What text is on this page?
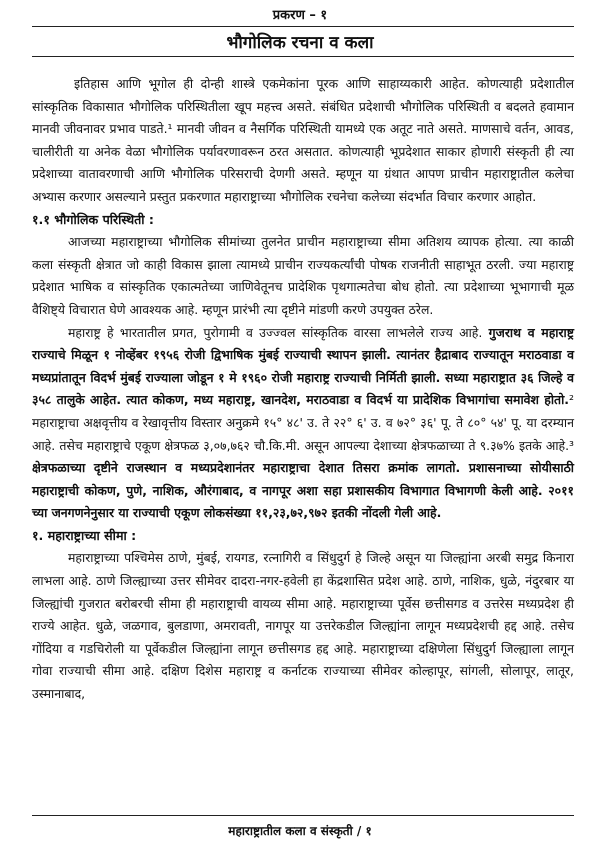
प्रकरण – १
भौगोलिक रचना व कला

इतिहास आणि भूगोल ही दोन्ही शास्त्रे एकमेकांना पूरक आणि साहाय्यकारी आहेत. कोणत्याही प्रदेशातील सांस्कृतिक विकासात भौगोलिक परिस्थितीला खूप महत्त्व असते. संबंधित प्रदेशाची भौगोलिक परिस्थिती व बदलते हवामान मानवी जीवनावर प्रभाव पाडते.¹ मानवी जीवन व नैसर्गिक परिस्थिती यामध्ये एक अतूट नाते असते. माणसाचे वर्तन, आवड, चालीरीती या अनेक वेळा भौगोलिक पर्यावरणावरून ठरत असतात. कोणत्याही भूप्रदेशात साकार होणारी संस्कृती ही त्या प्रदेशाच्या वातावरणाची आणि भौगोलिक परिसराची देणगी असते. म्हणून या ग्रंथात आपण प्राचीन महाराष्ट्रातील कलेचा अभ्यास करणार असल्याने प्रस्तुत प्रकरणात महाराष्ट्राच्या भौगोलिक रचनेचा कलेच्या संदर्भात विचार करणार आहोत.

१.१ भौगोलिक परिस्थिती :

आजच्या महाराष्ट्राच्या भौगोलिक सीमांच्या तुलनेत प्राचीन महाराष्ट्राच्या सीमा अतिशय व्यापक होत्या. त्या काळी कला संस्कृती क्षेत्रात जो काही विकास झाला त्यामध्ये प्राचीन राज्यकर्त्यांची पोषक राजनीती साहाभूत ठरली. ज्या महाराष्ट्र प्रदेशात भाषिक व सांस्कृतिक एकात्मतेच्या जाणिवेतूनच प्रादेशिक पृथगात्मतेचा बोध होतो. त्या प्रदेशाच्या भूभागाची मूळ वैशिष्ट्ये विचारात घेणे आवश्यक आहे. म्हणून प्रारंभी त्या दृष्टीने मांडणी करणे उपयुक्त ठरेल.

महाराष्ट्र हे भारतातील प्रगत, पुरोगामी व उज्ज्वल सांस्कृतिक वारसा लाभलेले राज्य आहे. गुजराथ व महाराष्ट्र राज्याचे मिळून १ नोव्हेंबर १९५६ रोजी द्विभाषिक मुंबई राज्याची स्थापन झाली. त्यानंतर हैद्राबाद राज्यातून मराठवाडा व मध्यप्रांतातून विदर्भ मुंबई राज्याला जोडून १ मे १९६० रोजी महाराष्ट्र राज्याची निर्मिती झाली. सध्या महाराष्ट्रात ३६ जिल्हे व ३५८ तालुके आहेत. त्यात कोकण, मध्य महाराष्ट्र, खानदेश, मराठवाडा व विदर्भ या प्रादेशिक विभागांचा समावेश होतो.² महाराष्ट्राचा अक्षवृत्तीय व रेखावृत्तीय विस्तार अनुक्रमे १५° ४८' उ. ते २२° ६' उ. व ७२° ३६' पू. ते ८०° ५४' पू. या दरम्यान आहे. तसेच महाराष्ट्राचे एकूण क्षेत्रफळ ३,०७,७६२ चौ.कि.मी. असून आपल्या देशाच्या क्षेत्रफळाच्या ते ९.३७% इतके आहे.³ क्षेत्रफळाच्या दृष्टीने राजस्थान व मध्यप्रदेशानंतर महाराष्ट्राचा देशात तिसरा क्रमांक लागतो. प्रशासनाच्या सोयीसाठी महाराष्ट्राची कोकण, पुणे, नाशिक, औरंगाबाद, व नागपूर अशा सहा प्रशासकीय विभागात विभागणी केली आहे. २०११ च्या जनगणनेनुसार या राज्याची एकूण लोकसंख्या ११,२३,७२,९७२ इतकी नोंदली गेली आहे.

१. महाराष्ट्राच्या सीमा :

महाराष्ट्राच्या पश्चिमेस ठाणे, मुंबई, रायगड, रत्नागिरी व सिंधुदुर्ग हे जिल्हे असून या जिल्ह्यांना अरबी समुद्र किनारा लाभला आहे. ठाणे जिल्ह्याच्या उत्तर सीमेवर दादरा-नगर-हवेली हा केंद्रशासित प्रदेश आहे. ठाणे, नाशिक, धुळे, नंदुरबार या जिल्ह्यांची गुजरात बरोबरची सीमा ही महाराष्ट्राची वायव्य सीमा आहे. महाराष्ट्राच्या पूर्वेस छत्तीसगड व उत्तरेस मध्यप्रदेश ही राज्ये आहेत. धुळे, जळगाव, बुलडाणा, अमरावती, नागपूर या उत्तरेकडील जिल्ह्यांना लागून मध्यप्रदेशची हद्द आहे. तसेच गोंदिया व गडचिरोली या पूर्वेकडील जिल्ह्यांना लागून छत्तीसगड हद्द आहे. महाराष्ट्राच्या दक्षिणेला सिंधुदुर्ग जिल्ह्याला लागून गोवा राज्याची सीमा आहे. दक्षिण दिशेस महाराष्ट्र व कर्नाटक राज्याच्या सीमेवर कोल्हापूर, सांगली, सोलापूर, लातूर, उस्मानाबाद,

महाराष्ट्रातील कला व संस्कृती / १
